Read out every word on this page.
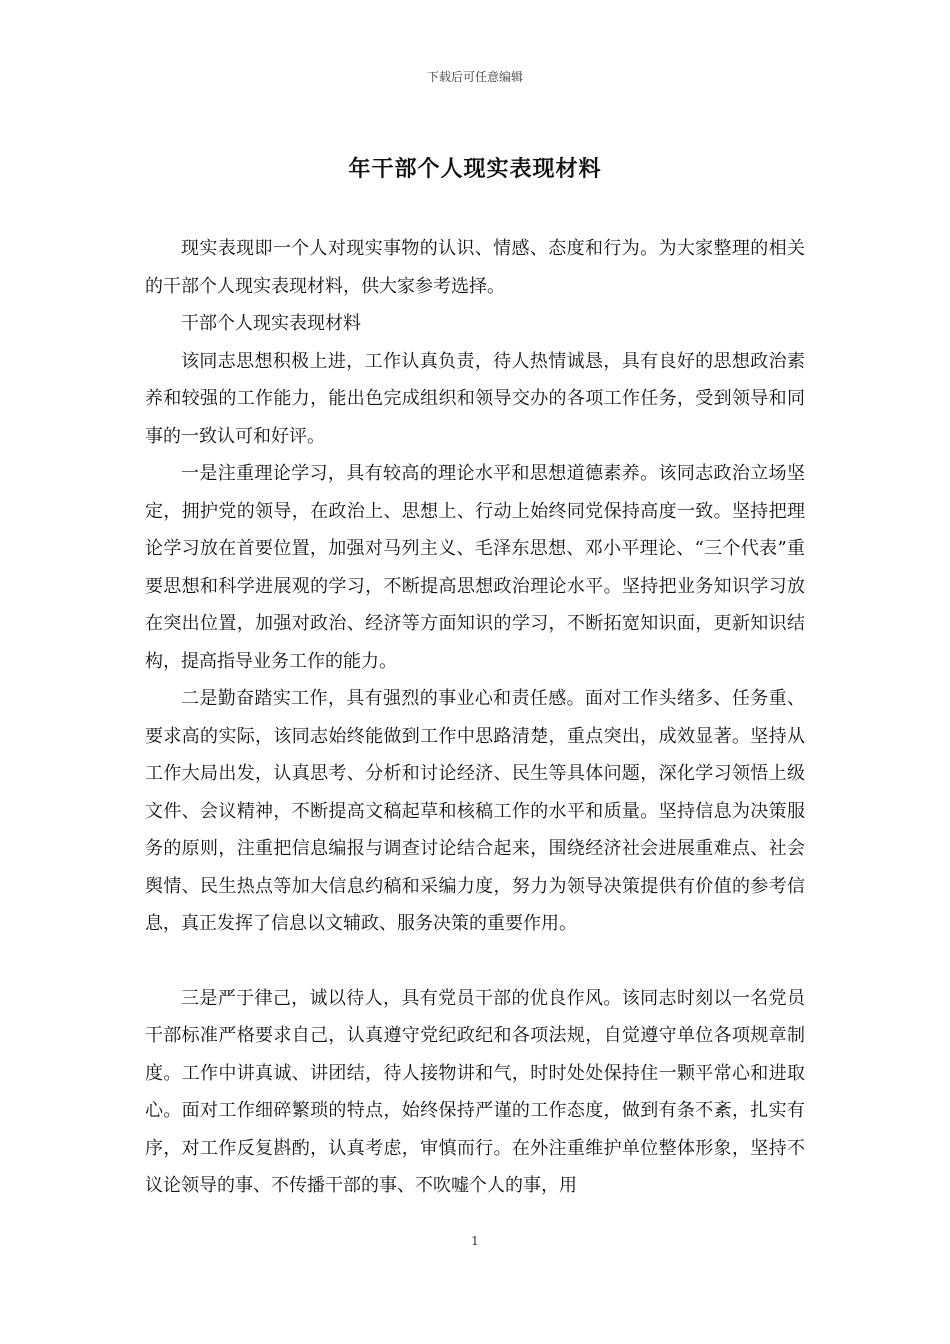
下载后可任意编辑
年干部个人现实表现材料

现实表现即一个人对现实事物的认识、情感、态度和行为。为大家整理的相关的干部个人现实表现材料，供大家参考选择。

干部个人现实表现材料

该同志思想积极上进，工作认真负责，待人热情诚恳，具有良好的思想政治素养和较强的工作能力，能出色完成组织和领导交办的各项工作任务，受到领导和同事的一致认可和好评。

一是注重理论学习，具有较高的理论水平和思想道德素养。该同志政治立场坚定，拥护党的领导，在政治上、思想上、行动上始终同党保持高度一致。坚持把理论学习放在首要位置，加强对马列主义、毛泽东思想、邓小平理论、“三个代表”重要思想和科学进展观的学习，不断提高思想政治理论水平。坚持把业务知识学习放在突出位置，加强对政治、经济等方面知识的学习，不断拓宽知识面，更新知识结构，提高指导业务工作的能力。

二是勤奋踏实工作，具有强烈的事业心和责任感。面对工作头绪多、任务重、要求高的实际，该同志始终能做到工作中思路清楚，重点突出，成效显著。坚持从工作大局出发，认真思考、分析和讨论经济、民生等具体问题，深化学习领悟上级文件、会议精神，不断提高文稿起草和核稿工作的水平和质量。坚持信息为决策服务的原则，注重把信息编报与调查讨论结合起来，围绕经济社会进展重难点、社会舆情、民生热点等加大信息约稿和采编力度，努力为领导决策提供有价值的参考信息，真正发挥了信息以文辅政、服务决策的重要作用。

三是严于律己，诚以待人，具有党员干部的优良作风。该同志时刻以一名党员干部标准严格要求自己，认真遵守党纪政纪和各项法规，自觉遵守单位各项规章制度。工作中讲真诚、讲团结，待人接物讲和气，时时处处保持住一颗平常心和进取心。面对工作细碎繁琐的特点，始终保持严谨的工作态度，做到有条不紊，扎实有序，对工作反复斟酌，认真考虑，审慎而行。在外注重维护单位整体形象，坚持不议论领导的事、不传播干部的事、不吹嘘个人的事，用

1
